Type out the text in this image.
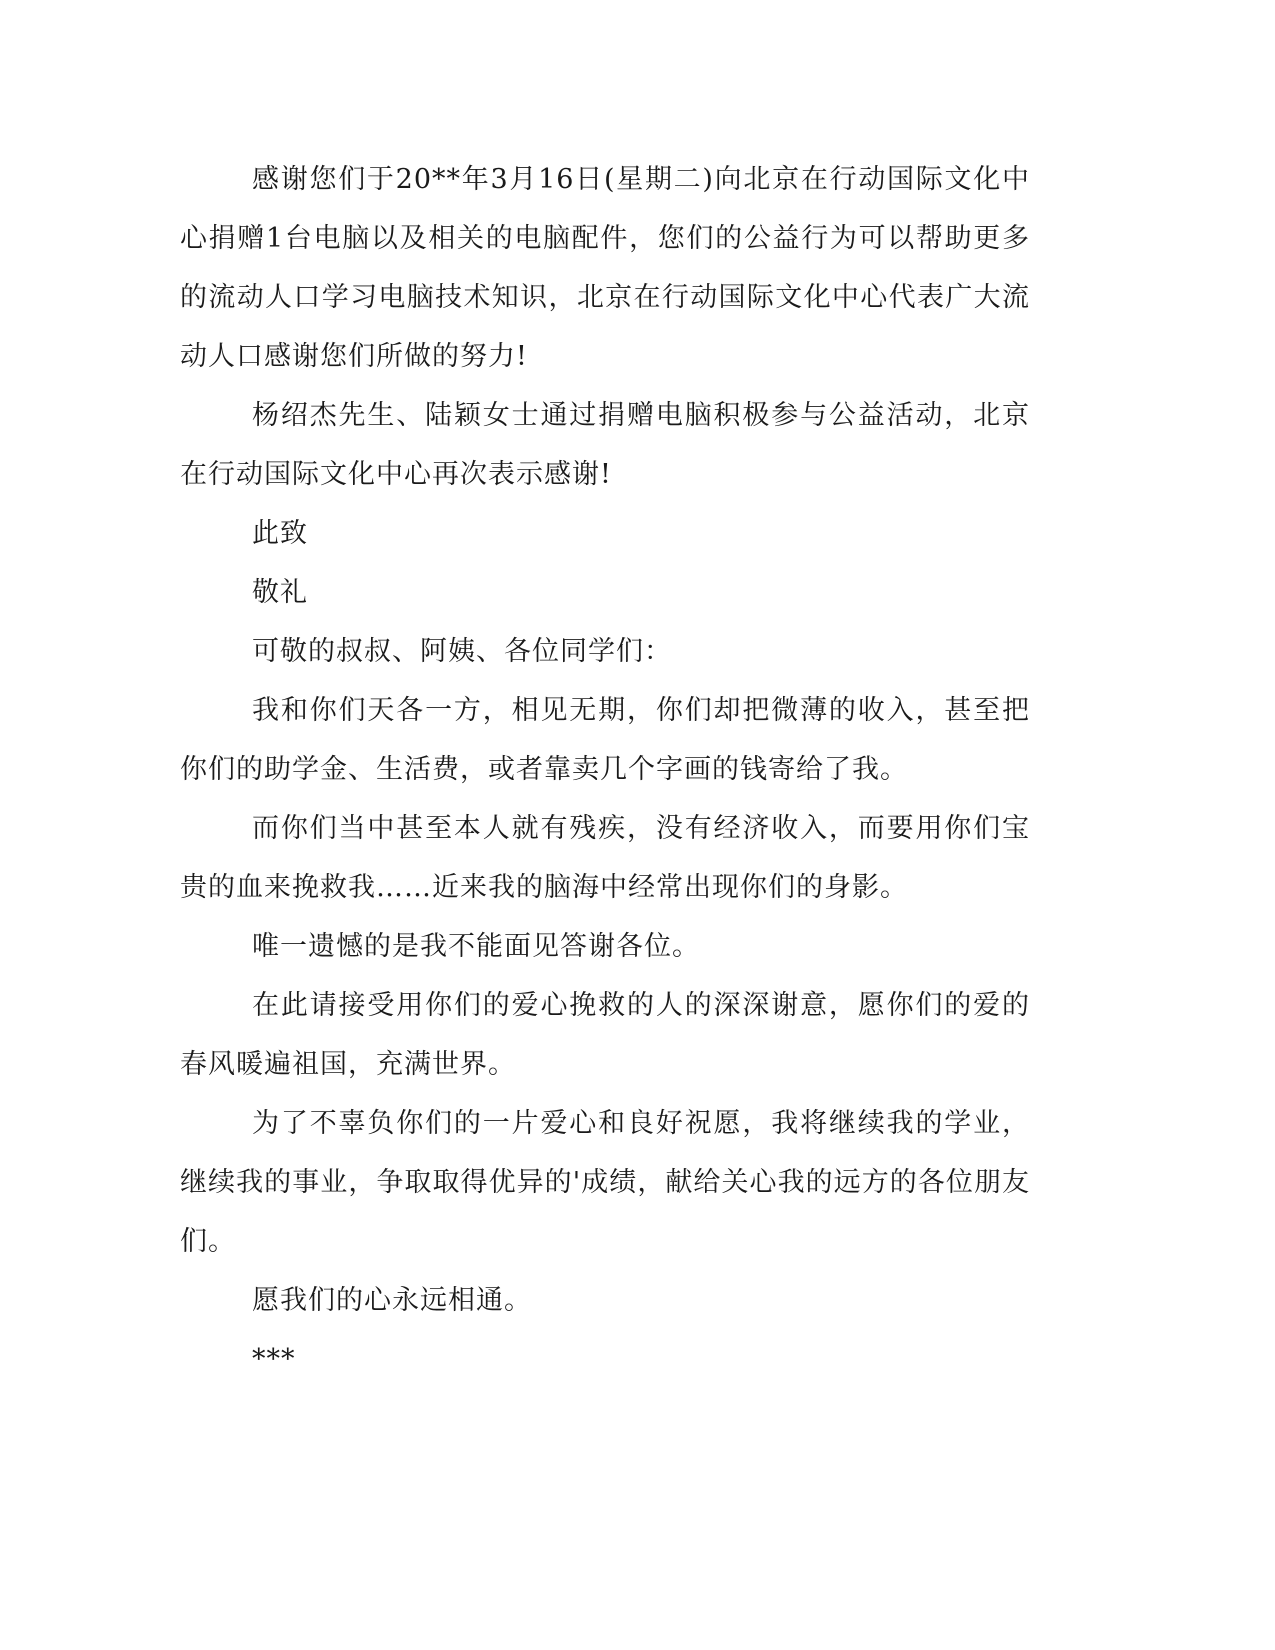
感谢您们于20**年3月16日(星期二)向北京在行动国际文化中心捐赠1台电脑以及相关的电脑配件，您们的公益行为可以帮助更多的流动人口学习电脑技术知识，北京在行动国际文化中心代表广大流动人口感谢您们所做的努力!

杨绍杰先生、陆颖女士通过捐赠电脑积极参与公益活动，北京在行动国际文化中心再次表示感谢!

此致

敬礼

可敬的叔叔、阿姨、各位同学们：

我和你们天各一方，相见无期，你们却把微薄的收入，甚至把你们的助学金、生活费，或者靠卖几个字画的钱寄给了我。

而你们当中甚至本人就有残疾，没有经济收入，而要用你们宝贵的血来挽救我……近来我的脑海中经常出现你们的身影。

唯一遗憾的是我不能面见答谢各位。

在此请接受用你们的爱心挽救的人的深深谢意，愿你们的爱的春风暖遍祖国，充满世界。

为了不辜负你们的一片爱心和良好祝愿，我将继续我的学业，继续我的事业，争取取得优异的'成绩，献给关心我的远方的各位朋友们。

愿我们的心永远相通。

***
